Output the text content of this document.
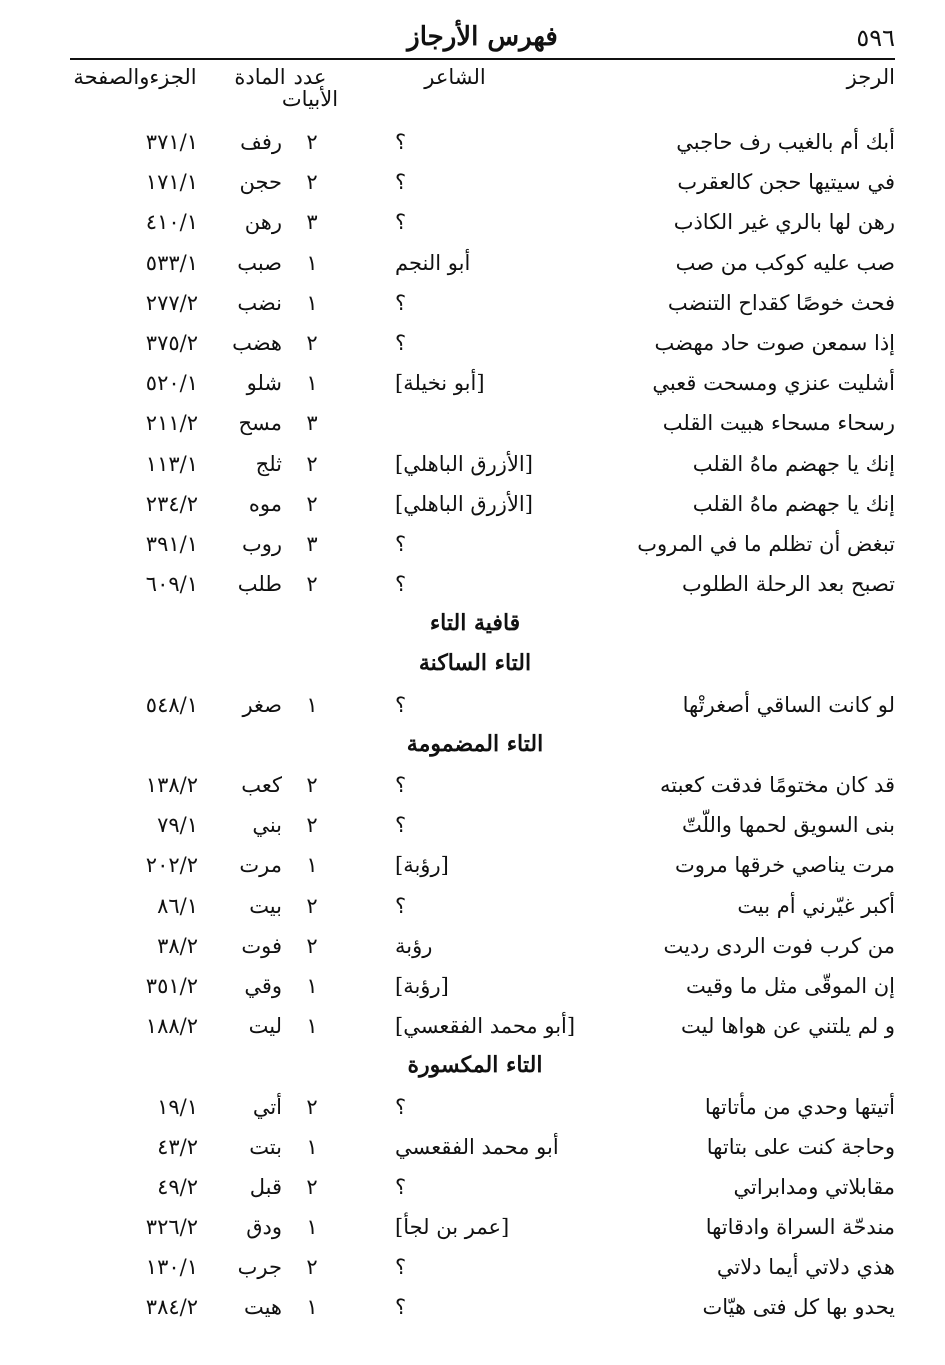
٥٩٦
فهرس الأرجاز
الرجز
الشاعر
عدد الأبيات
المادة
الجزءوالصفحة
أبك أم بالغيب رف حاجبي
؟
٢
رفف
٣٧١/١
في سيتيها حجن كالعقرب
؟
٢
حجن
١٧١/١
رهن لها بالري غير الكاذب
؟
٣
رهن
٤١٠/١
صب عليه كوكب من صب
أبو النجم
١
صبب
٥٣٣/١
فحث خوصًا كقداح التنضب
؟
١
نضب
٢٧٧/٢
إذا سمعن صوت حاد مهضب
؟
٢
هضب
٣٧٥/٢
أشليت عنزي ومسحت قعبي
[أبو نخيلة]
١
شلو
٥٢٠/١
رسحاء مسحاء هبيت القلب
٣
مسح
٢١١/٢
إنك يا جهضم ماهُ القلب
[الأزرق الباهلي]
٢
ثلج
١١٣/١
إنك يا جهضم ماهُ القلب
[الأزرق الباهلي]
٢
موه
٢٣٤/٢
تبغض أن تظلم ما في المروب
؟
٣
روب
٣٩١/١
تصبح بعد الرحلة الطلوب
؟
٢
طلب
٦٠٩/١
قافية التاء
التاء الساكنة
لو كانت الساقي أصغرتْها
؟
١
صغر
٥٤٨/١
التاء المضمومة
قد كان مختومًا فدقت كعبته
؟
٢
كعب
١٣٨/٢
بنى السويق لحمها واللّتّ
؟
٢
بني
٧٩/١
مرت يناصي خرقها مروت
[رؤبة]
١
مرت
٢٠٢/٢
أكبر غيّرني أم بيت
؟
٢
بيت
٨٦/١
من كرب فوت الردى رديت
رؤبة
٢
فوت
٣٨/٢
إن الموقّى مثل ما وقيت
[رؤبة]
١
وقي
٣٥١/٢
و لم يلتني عن هواها ليت
[أبو محمد الفقعسي]
١
ليت
١٨٨/٢
التاء المكسورة
أتيتها وحدي من مأتاتها
؟
٢
أتي
١٩/١
وحاجة كنت على بتاتها
أبو محمد الفقعسي
١
بتت
٤٣/٢
مقابلاتي ومدابراتي
؟
٢
قبل
٤٩/٢
مندحّة السراة وادقاتها
[عمر بن لجأ]
١
ودق
٣٢٦/٢
هذي دلاتي أيما دلاتي
؟
٢
جرب
١٣٠/١
يحدو بها كل فتى هيّات
؟
١
هيت
٣٨٤/٢
